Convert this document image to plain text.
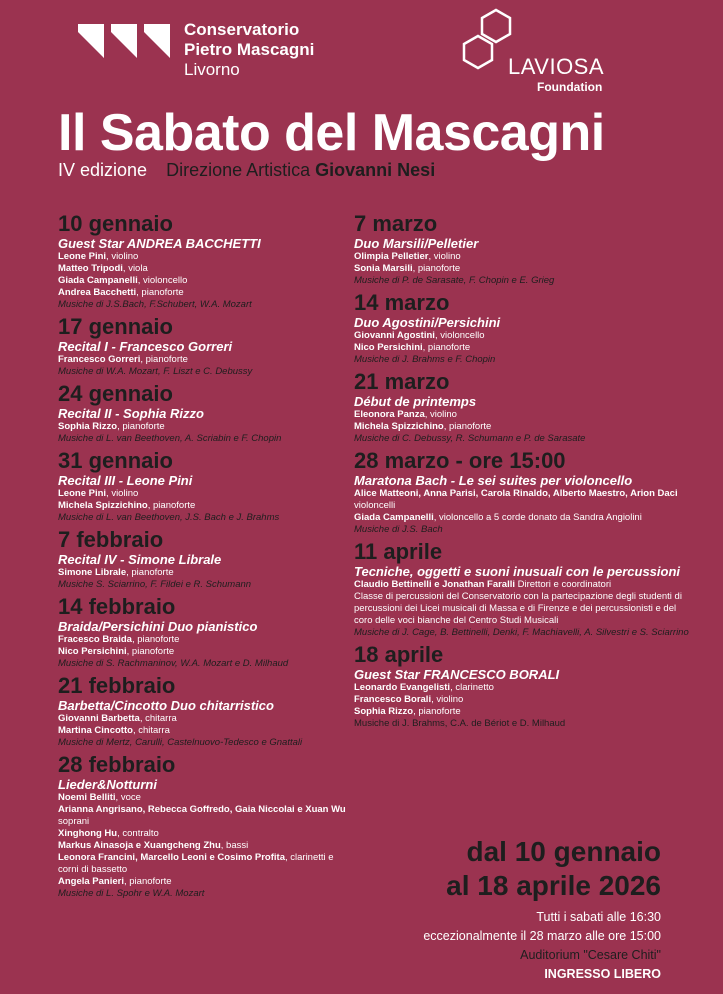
Conservatorio
Pietro Mascagni
Livorno	LAVIOSA
Foundation
Il Sabato del Mascagni
IV edizione Direzione Artistica Giovanni Nesi
10 gennaio
Guest Star ANDREA BACCHETTI
Leone Pini, violino
Matteo Tripodi, viola
Giada Campanelli, violoncello
Andrea Bacchetti, pianoforte
Musiche di J.S.Bach, F.Schubert, W.A. Mozart
17 gennaio
Recital I - Francesco Gorreri
Francesco Gorreri, pianoforte
Musiche di W.A. Mozart, F. Liszt e C. Debussy
24 gennaio
Recital II - Sophia Rizzo
Sophia Rizzo, pianoforte
Musiche di L. van Beethoven, A. Scriabin e F. Chopin
31 gennaio
Recital III - Leone Pini
Leone Pini, violino
Michela Spizzichino, pianoforte
Musiche di L. van Beethoven, J.S. Bach e J. Brahms
7 febbraio
Recital IV - Simone Librale
Simone Librale, pianoforte
Musiche S. Sciarrino, F. Fildei e R. Schumann
14 febbraio
Braida/Persichini Duo pianistico
Fracesco Braida, pianoforte
Nico Persichini, pianoforte
Musiche di S. Rachmaninov, W.A. Mozart e D. Milhaud
21 febbraio
Barbetta/Cincotto Duo chitarristico
Giovanni Barbetta, chitarra
Martina Cincotto, chitarra
Musiche di Mertz, Carulli, Castelnuovo-Tedesco e Gnattali
28 febbraio
Lieder&Notturni
Noemi Belliti, voce
Arianna Angrisano, Rebecca Goffredo, Gaia Niccolai e Xuan Wu soprani
Xinghong Hu, contralto
Markus Ainasoja e Xuangcheng Zhu, bassi
Leonora Francini, Marcello Leoni e Cosimo Profita, clarinetti e corni di bassetto
Angela Panieri, pianoforte
Musiche di L. Spohr e W.A. Mozart
7 marzo
Duo Marsili/Pelletier
Olimpia Pelletier, violino
Sonia Marsili, pianoforte
Musiche di P. de Sarasate, F. Chopin e E. Grieg
14 marzo
Duo Agostini/Persichini
Giovanni Agostini, violoncello
Nico Persichini, pianoforte
Musiche di J. Brahms e F. Chopin
21 marzo
Début de printemps
Eleonora Panza, violino
Michela Spizzichino, pianoforte
Musiche di C. Debussy, R. Schumann e P. de Sarasate
28 marzo - ore 15:00
Maratona Bach - Le sei suites per violoncello
Alice Matteoni, Anna Parisi, Carola Rinaldo, Alberto Maestro, Arion Daci violoncelli
Giada Campanelli, violoncello a 5 corde donato da Sandra Angiolini
Musiche di J.S. Bach
11 aprile
Tecniche, oggetti e suoni inusuali con le percussioni
Claudio Bettinelli e Jonathan Faralli Direttori e coordinatori
Classe di percussioni del Conservatorio con la partecipazione degli studenti di percussioni dei Licei musicali di Massa e di Firenze e dei percussionisti e del coro delle voci bianche del Centro Studi Musicali
Musiche di J. Cage, B. Bettinelli, Denki, F. Machiavelli, A. Silvestri e S. Sciarrino
18 aprile
Guest Star FRANCESCO BORALI
Leonardo Evangelisti, clarinetto
Francesco Borali, violino
Sophia Rizzo, pianoforte
Musiche di J. Brahms, C.A. de Bériot e D. Milhaud
dal 10 gennaio
al 18 aprile 2026
Tutti i sabati alle 16:30
eccezionalmente il 28 marzo alle ore 15:00
Auditorium "Cesare Chiti"
INGRESSO LIBERO
